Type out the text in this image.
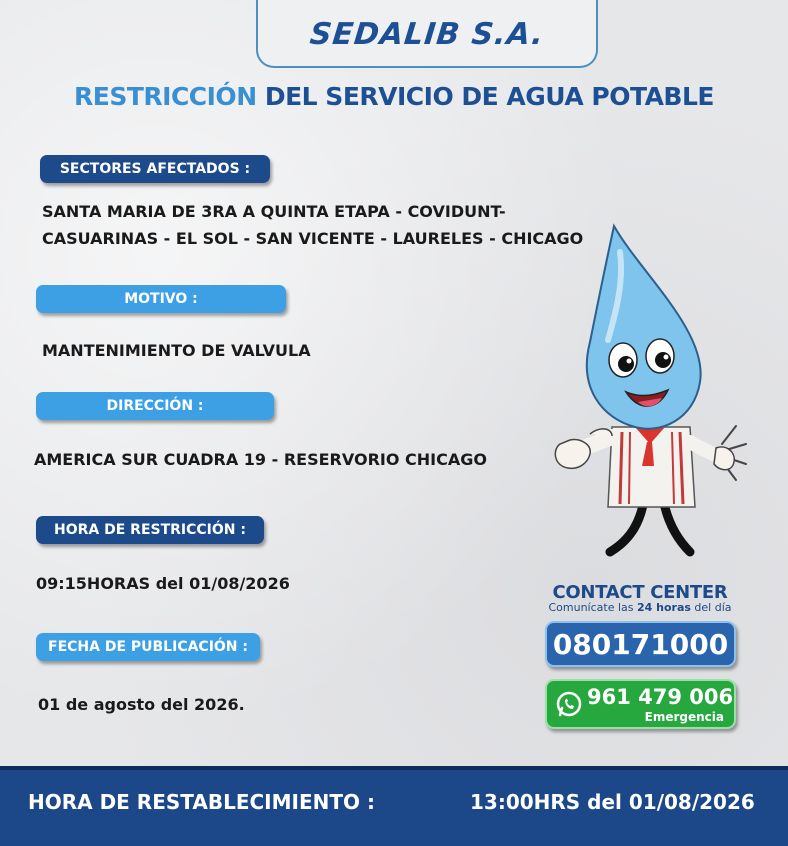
SEDALIB S.A.
RESTRICCIÓN DEL SERVICIO DE AGUA POTABLE
SECTORES AFECTADOS :
SANTA MARIA DE 3RA A QUINTA ETAPA - COVIDUNT-
CASUARINAS - EL SOL - SAN VICENTE - LAURELES - CHICAGO
MOTIVO :
MANTENIMIENTO DE VALVULA
DIRECCIÓN :
AMERICA SUR CUADRA 19 - RESERVORIO CHICAGO
HORA DE RESTRICCIÓN :
09:15HORAS del 01/08/2026
FECHA DE PUBLICACIÓN :
01 de agosto del 2026.
CONTACT CENTER
Comunícate las 24 horas del día
080171000
961 479 006
Emergencia
HORA DE RESTABLECIMIENTO :	13:00HRS del 01/08/2026
